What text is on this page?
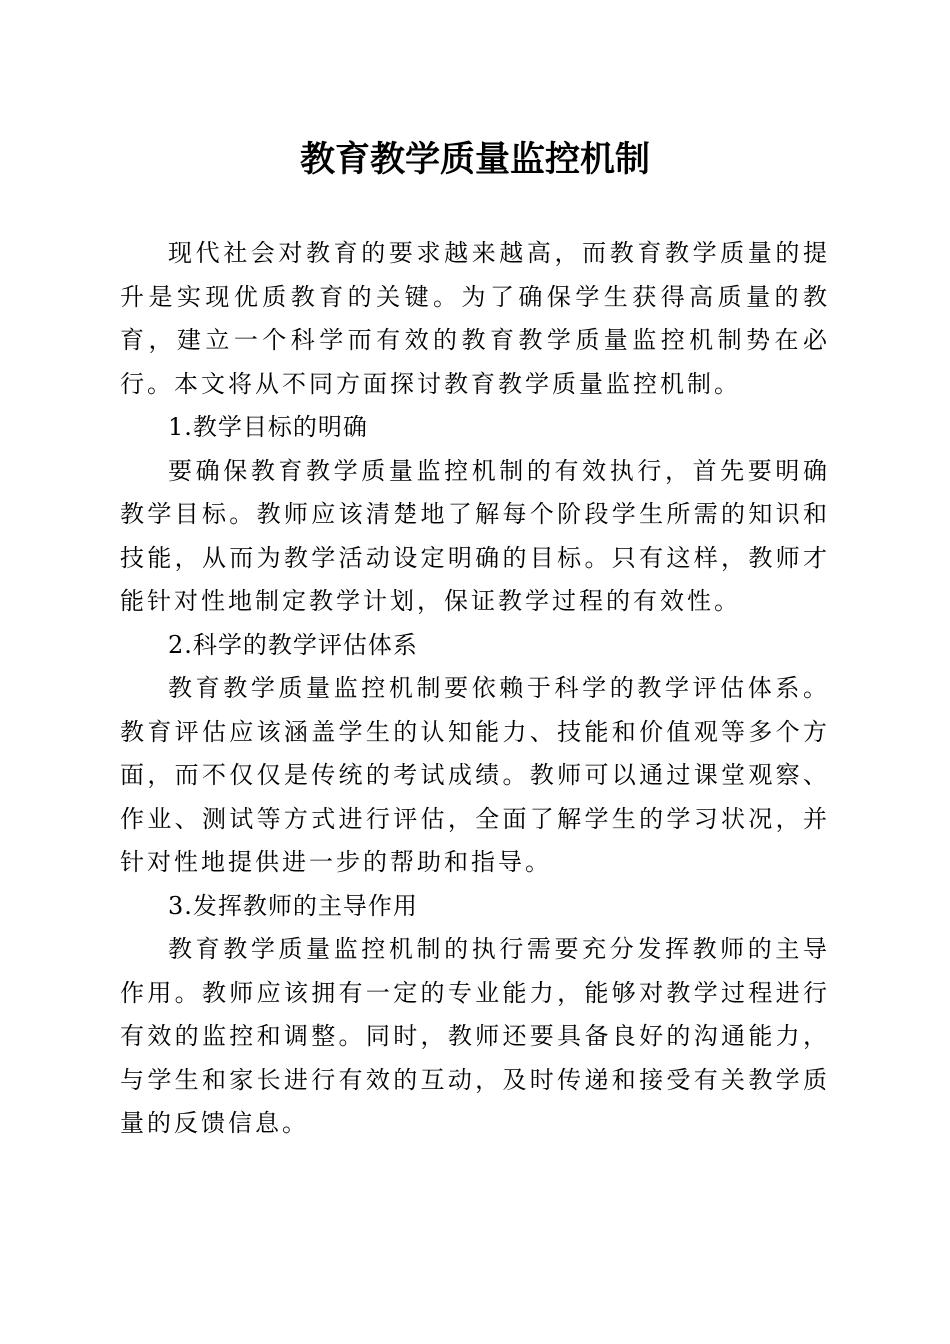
教育教学质量监控机制

现代社会对教育的要求越来越高，而教育教学质量的提升是实现优质教育的关键。为了确保学生获得高质量的教育，建立一个科学而有效的教育教学质量监控机制势在必行。本文将从不同方面探讨教育教学质量监控机制。

1.教学目标的明确

要确保教育教学质量监控机制的有效执行，首先要明确教学目标。教师应该清楚地了解每个阶段学生所需的知识和技能，从而为教学活动设定明确的目标。只有这样，教师才能针对性地制定教学计划，保证教学过程的有效性。

2.科学的教学评估体系

教育教学质量监控机制要依赖于科学的教学评估体系。教育评估应该涵盖学生的认知能力、技能和价值观等多个方面，而不仅仅是传统的考试成绩。教师可以通过课堂观察、作业、测试等方式进行评估，全面了解学生的学习状况，并针对性地提供进一步的帮助和指导。

3.发挥教师的主导作用

教育教学质量监控机制的执行需要充分发挥教师的主导作用。教师应该拥有一定的专业能力，能够对教学过程进行有效的监控和调整。同时，教师还要具备良好的沟通能力，与学生和家长进行有效的互动，及时传递和接受有关教学质量的反馈信息。
